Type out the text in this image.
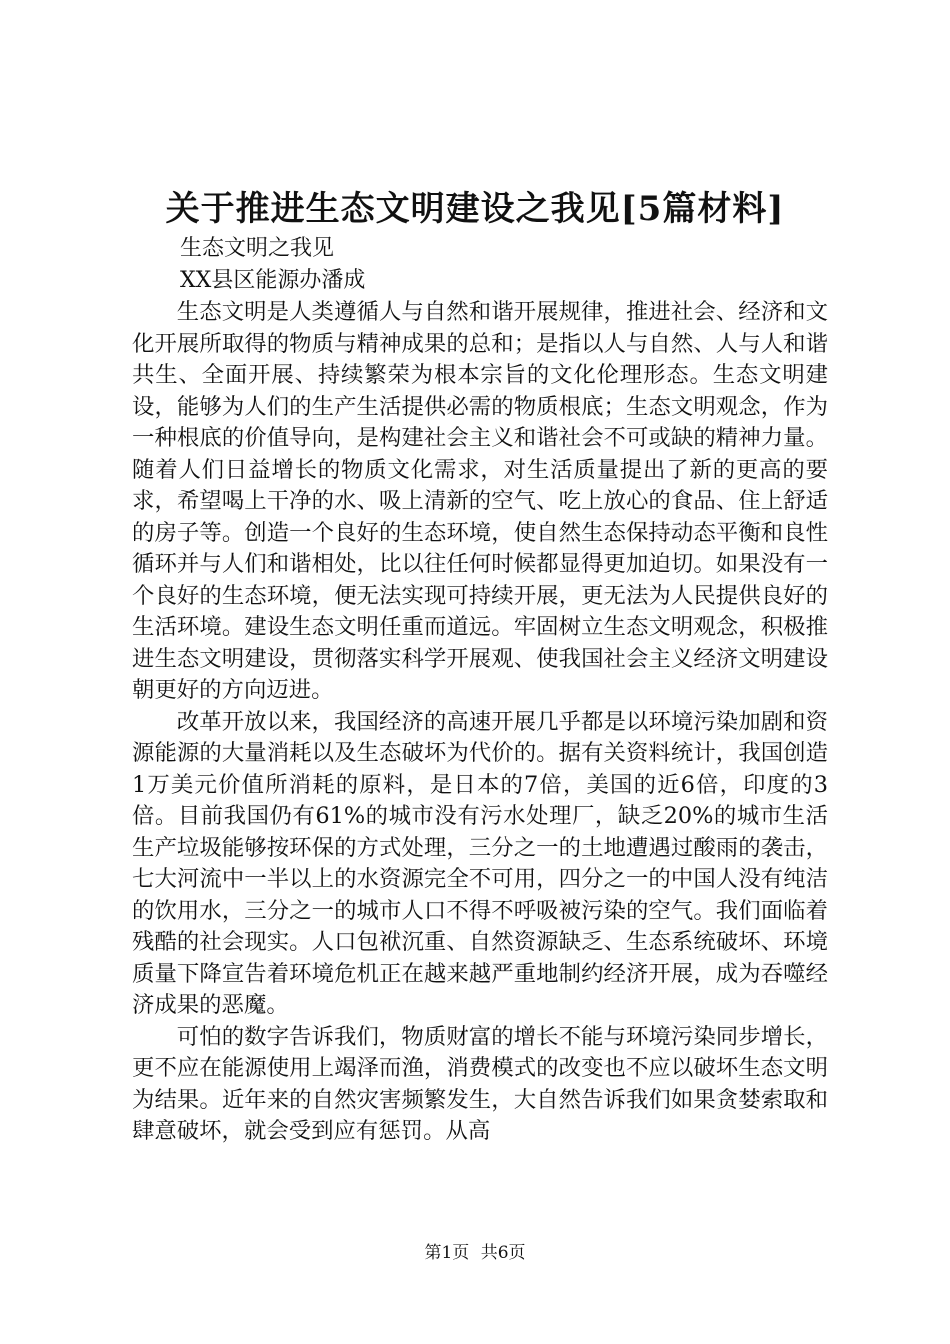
关于推进生态文明建设之我见[5篇材料]
生态文明之我见
XX县区能源办潘成

生态文明是人类遵循人与自然和谐开展规律，推进社会、经济和文化开展所取得的物质与精神成果的总和；是指以人与自然、人与人和谐共生、全面开展、持续繁荣为根本宗旨的文化伦理形态。生态文明建设，能够为人们的生产生活提供必需的物质根底；生态文明观念，作为一种根底的价值导向，是构建社会主义和谐社会不可或缺的精神力量。随着人们日益增长的物质文化需求，对生活质量提出了新的更高的要求，希望喝上干净的水、吸上清新的空气、吃上放心的食品、住上舒适的房子等。创造一个良好的生态环境，使自然生态保持动态平衡和良性循环并与人们和谐相处，比以往任何时候都显得更加迫切。如果没有一个良好的生态环境，便无法实现可持续开展，更无法为人民提供良好的生活环境。建设生态文明任重而道远。牢固树立生态文明观念，积极推进生态文明建设，贯彻落实科学开展观、使我国社会主义经济文明建设朝更好的方向迈进。

改革开放以来，我国经济的高速开展几乎都是以环境污染加剧和资源能源的大量消耗以及生态破坏为代价的。据有关资料统计，我国创造1万美元价值所消耗的原料，是日本的7倍，美国的近6倍，印度的3倍。目前我国仍有61%的城市没有污水处理厂，缺乏20%的城市生活生产垃圾能够按环保的方式处理，三分之一的土地遭遇过酸雨的袭击，七大河流中一半以上的水资源完全不可用，四分之一的中国人没有纯洁的饮用水，三分之一的城市人口不得不呼吸被污染的空气。我们面临着残酷的社会现实。人口包袱沉重、自然资源缺乏、生态系统破坏、环境质量下降宣告着环境危机正在越来越严重地制约经济开展，成为吞噬经济成果的恶魔。

可怕的数字告诉我们，物质财富的增长不能与环境污染同步增长，更不应在能源使用上竭泽而渔，消费模式的改变也不应以破坏生态文明为结果。近年来的自然灾害频繁发生，大自然告诉我们如果贪婪索取和肆意破坏，就会受到应有惩罚。从高

第1页 共6页
